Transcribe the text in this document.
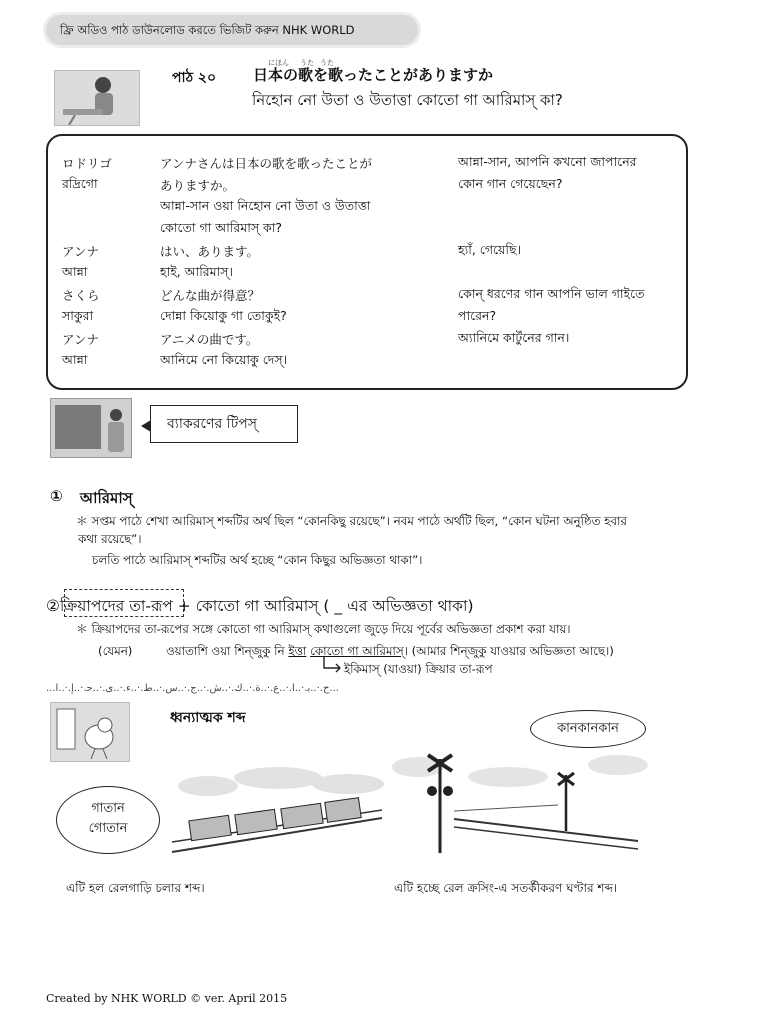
ফ্রি অডিও পাঠ ডাউনলোড করতে ভিজিট করুন NHK WORLD
পাঠ ২০
にほん うた うた
日本の歌を歌ったことがありますか
নিহোন নো উতা ও উতাত্তা কোতো গা আরিমাস্ কা?
ロドリゴ
রদ্রিগো
アンナさんは日本の歌を歌ったことが
ありますか。
আন্না-সান ওয়া নিহোন নো উতা ও উতাত্তা
কোতো গা আরিমাস্ কা?
আন্না-সান, আপনি কখনো জাপানের
কোন গান গেয়েছেন?
アンナ
আন্না
はい、あります。
হাই, আরিমাস্।
হ্যাঁ, গেয়েছি।
さくら
সাকুরা
どんな曲が得意？
দোন্না কিয়োকু গা তোকুই?
কোন্ ধরণের গান আপনি ভাল গাইতে
পারেন?
アンナ
আন্না
アニメの曲です。
আনিমে নো কিয়োকু দেস্।
অ্যানিমে কার্টুনের গান।
ব্যাকরণের টিপস্
① আরিমাস্
＊ সপ্তম পাঠে শেখা আরিমাস্ শব্দটির অর্থ ছিল “কোনকিছু রয়েছে”। নবম পাঠে অর্থটি ছিল, “কোন ঘটনা অনুষ্ঠিত হবার
কথা রয়েছে”।
চলতি পাঠে আরিমাস্ শব্দটির অর্থ হচ্ছে “কোন কিছুর অভিজ্ঞতা থাকা”।
②ক্রিয়াপদের তা-রূপ + কোতো গা আরিমাস্ ( _ এর অভিজ্ঞতা থাকা)
＊ ক্রিয়াপদের তা-রূপের সঙ্গে কোতো গা আরিমাস্ কথাগুলো জুড়ে দিয়ে পূর্বের অভিজ্ঞতা প্রকাশ করা যায়।
(যেমন)	ওয়াতাশি ওয়া শিন্‌জুকু নি ইত্তা কোতো গা আরিমাস্। (আমার শিন্‌জুকু যাওয়ার অভিজ্ঞতা আছে।)
ইকিমাস্ (যাওয়া) ক্রিয়ার তা-রূপ
...ﺡ.·..ﺑ.·..ﺍ.·..ﻉ.·..ﺓ.·..ﻙ.·..ﺵ.·..ﺝ.·..ﺱ.·..ﻁ.·..ﺀ.·..ﻯ.·..ﺣ.·..ﺇ.·..ﺁ...
ধ্বন্যাত্মক শব্দ
গাতান
গোতান
কানকানকান
এটি হল রেলগাড়ি চলার শব্দ।	এটি হচ্ছে রেল ক্রসিং-এ সতর্কীকরণ ঘণ্টার শব্দ।
Created by NHK WORLD © ver. April 2015
